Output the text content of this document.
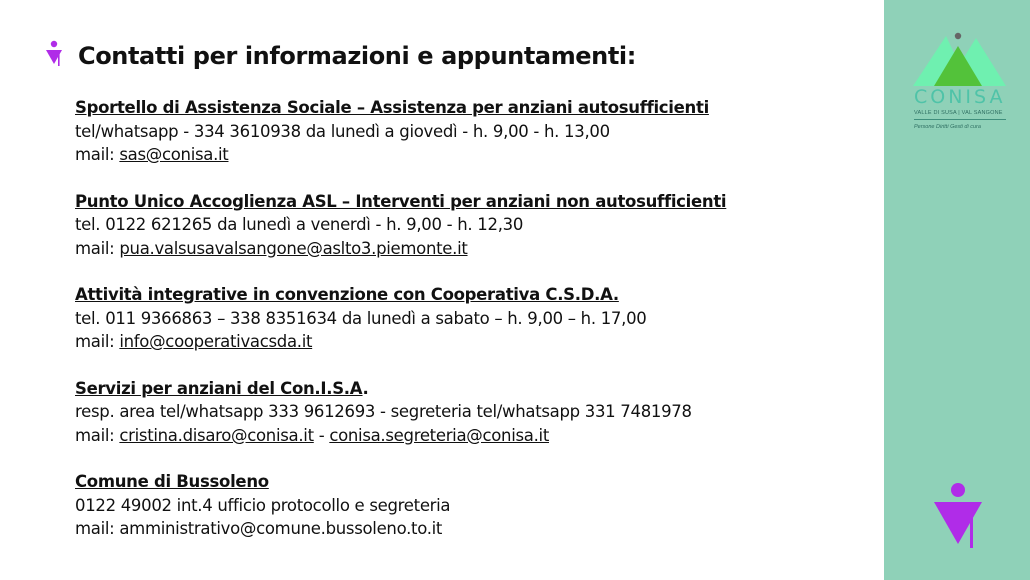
Contatti per informazioni e appuntamenti:
Sportello di Assistenza Sociale – Assistenza per anziani autosufficienti
tel/whatsapp - 334 3610938 da lunedì a giovedì - h. 9,00 - h. 13,00
mail: sas@conisa.it
Punto Unico Accoglienza ASL – Interventi per anziani non autosufficienti
tel. 0122 621265 da lunedì a venerdì - h. 9,00 - h. 12,30
mail: pua.valsusavalsangone@aslto3.piemonte.it
Attività integrative in convenzione con Cooperativa C.S.D.A.
tel. 011 9366863 – 338 8351634 da lunedì a sabato – h. 9,00 – h. 17,00
mail: info@cooperativacsda.it
Servizi per anziani del Con.I.S.A.
resp. area tel/whatsapp 333 9612693 - segreteria tel/whatsapp 331 7481978
mail: cristina.disaro@conisa.it - conisa.segreteria@conisa.it
Comune di Bussoleno
0122 49002 int.4 ufficio protocollo e segreteria
mail: amministrativo@comune.bussoleno.to.it
CONISA
VALLE DI SUSA | VAL SANGONE
Persone Diritti Gesti di cura
